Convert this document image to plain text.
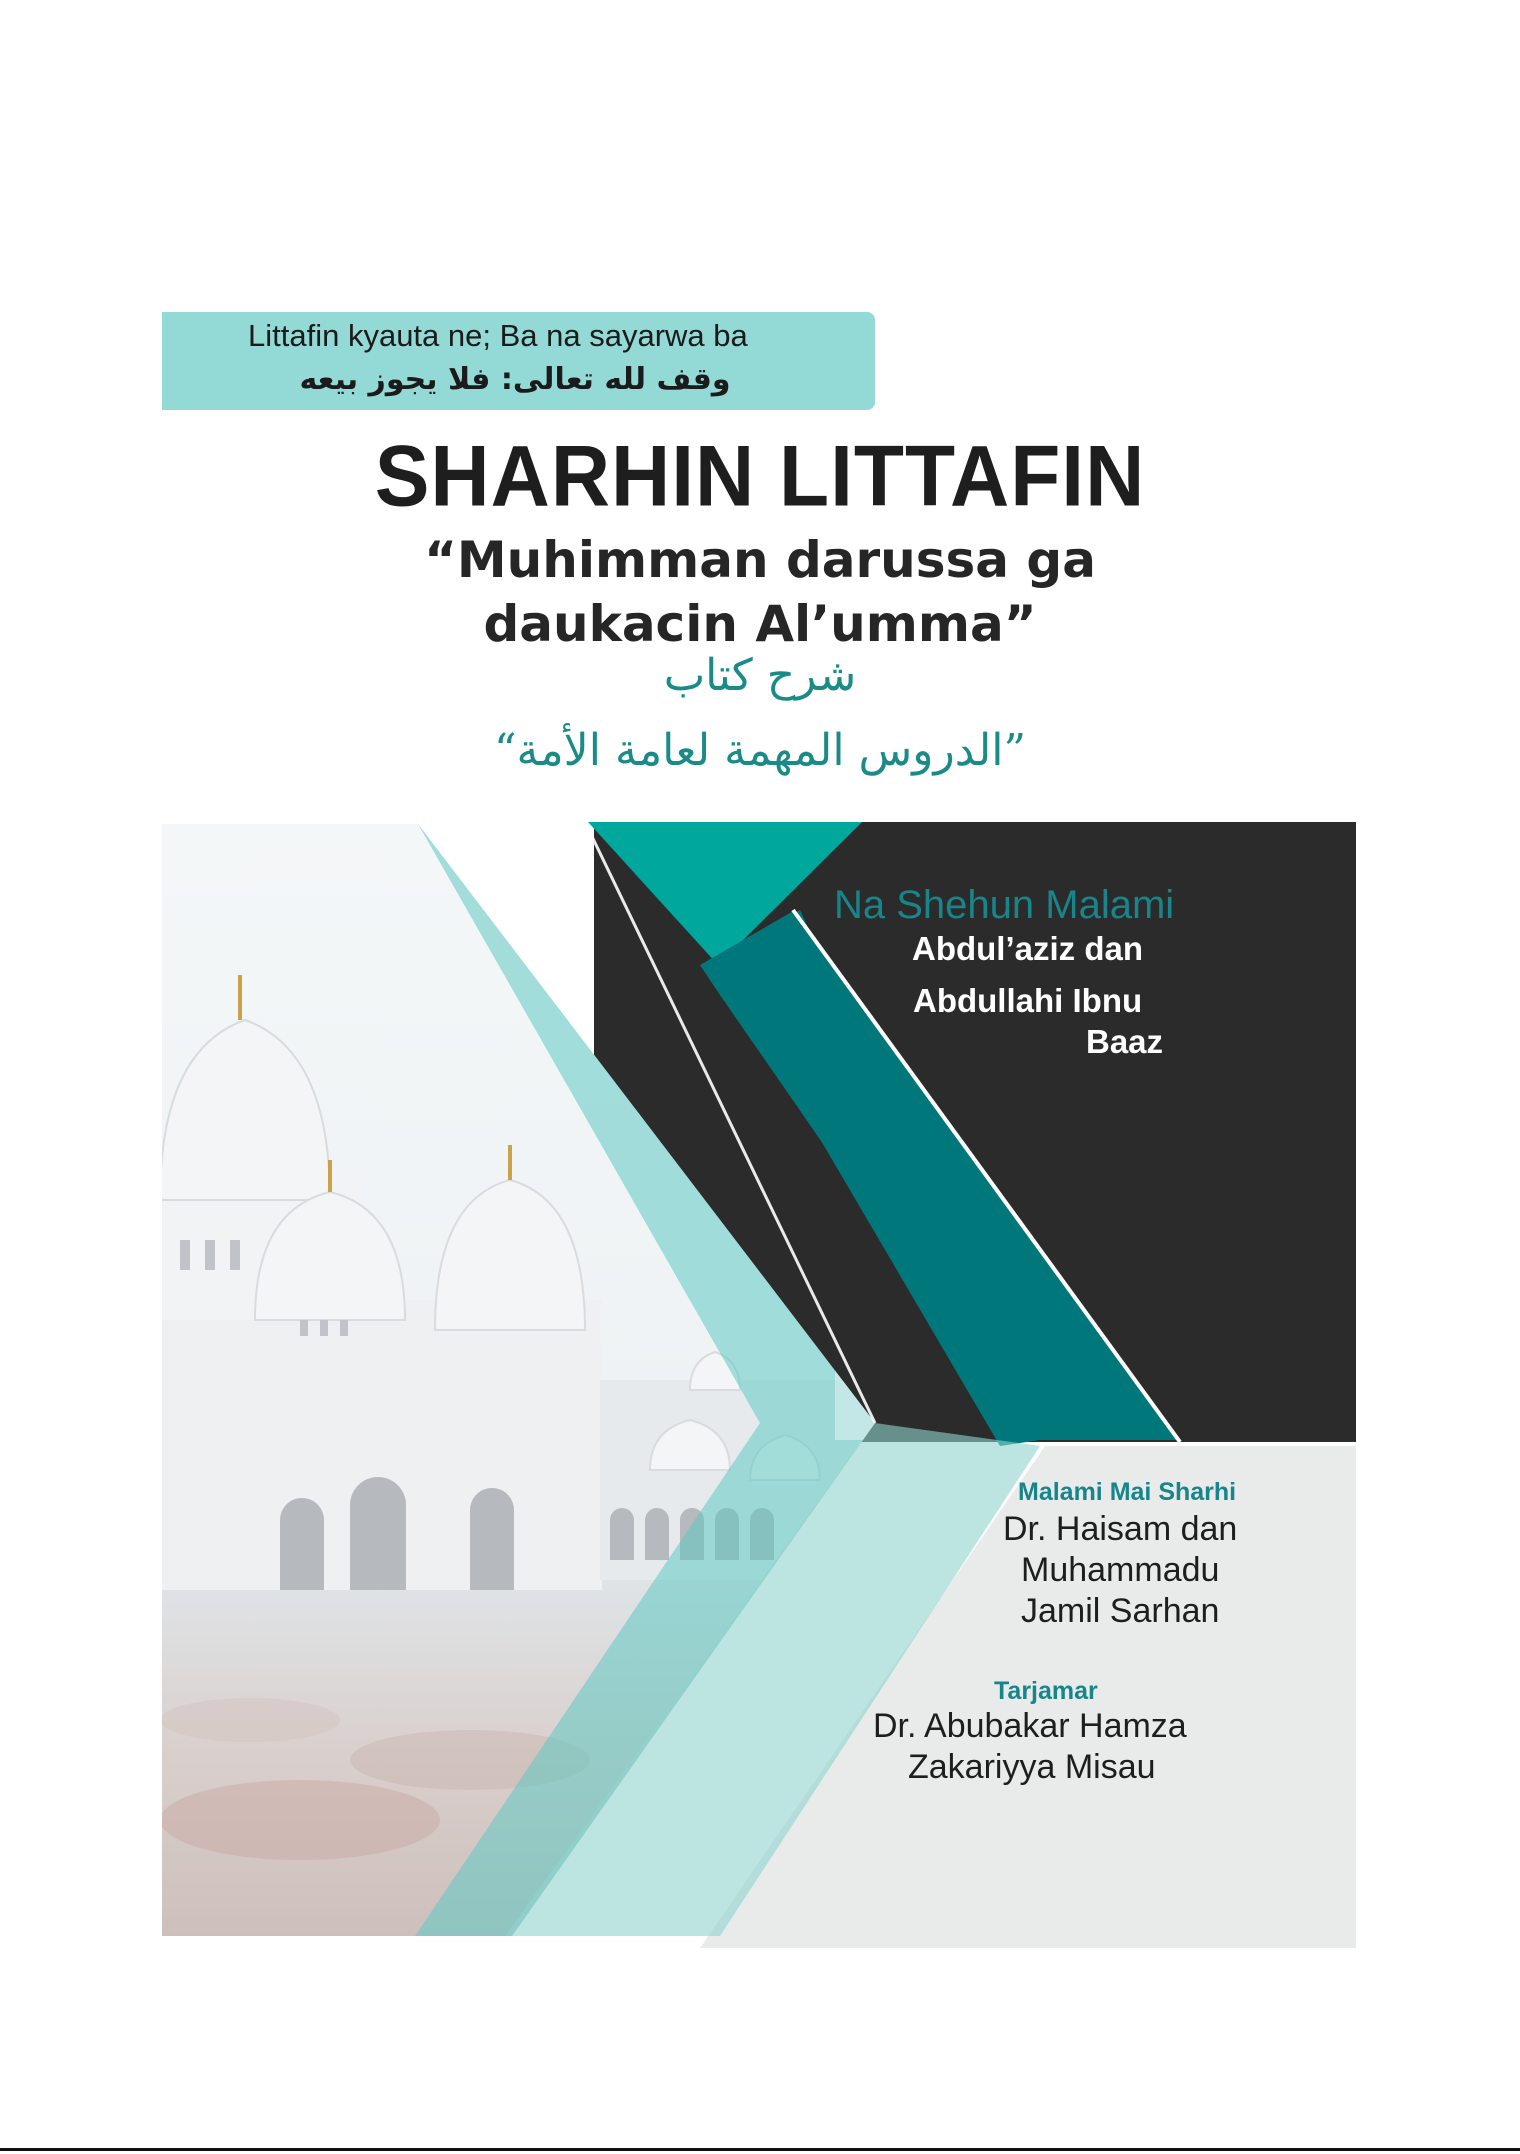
Littafin kyauta ne; Ba na sayarwa ba
وقف لله تعالى: فلا يجوز بيعه
SHARHIN LITTAFIN
“Muhimman darussa ga
daukacin Al’umma”
شرح كتاب
”الدروس المهمة لعامة الأمة“
Na Shehun Malami
Abdul’aziz dan
Abdullahi Ibnu
Baaz
Malami Mai Sharhi
Dr. Haisam dan
Muhammadu
Jamil Sarhan
Tarjamar
Dr. Abubakar Hamza
Zakariyya Misau
